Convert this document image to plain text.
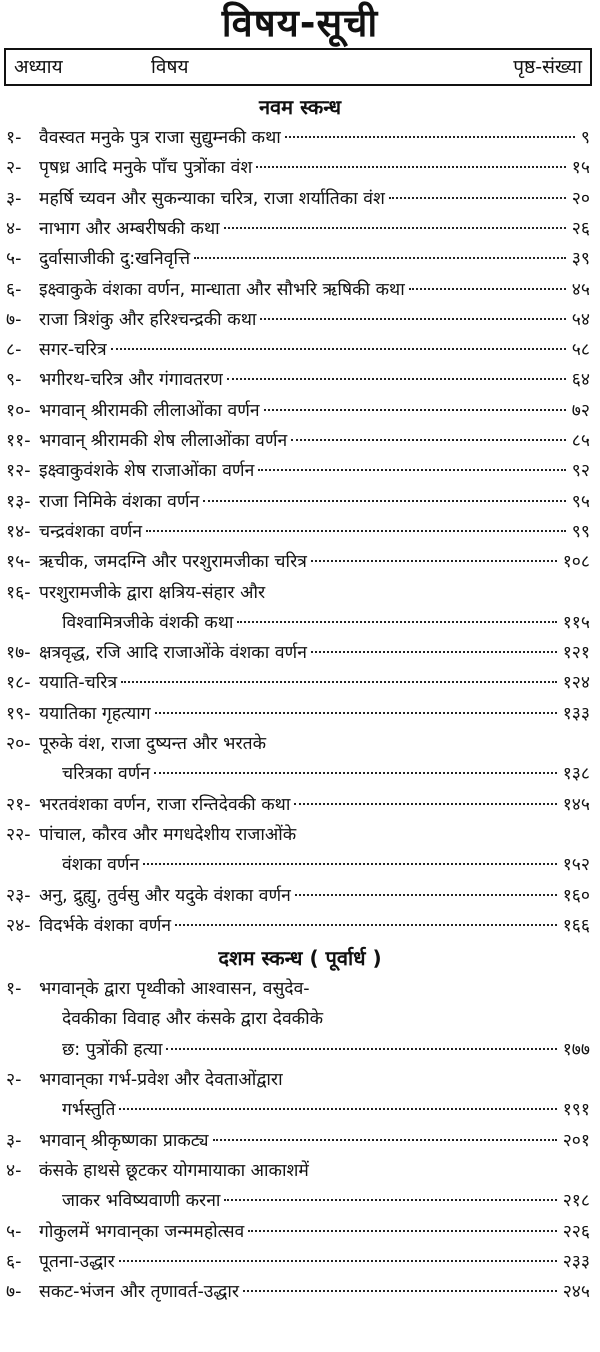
विषय-सूची
अध्याय	विषय	पृष्ठ-संख्या
नवम स्कन्ध
१-	वैवस्वत मनुके पुत्र राजा सुद्युम्नकी कथा	९
२-	पृषध्र आदि मनुके पाँच पुत्रोंका वंश	१५
३-	महर्षि च्यवन और सुकन्याका चरित्र, राजा शर्यातिका वंश	२०
४-	नाभाग और अम्बरीषकी कथा	२६
५-	दुर्वासाजीकी दु:खनिवृत्ति	३९
६-	इक्ष्वाकुके वंशका वर्णन, मान्धाता और सौभरि ऋषिकी कथा	४५
७-	राजा त्रिशंकु और हरिश्चन्द्रकी कथा	५४
८-	सगर-चरित्र	५८
९-	भगीरथ-चरित्र और गंगावतरण	६४
१०- भगवान् श्रीरामकी लीलाओंका वर्णन	७२
११- भगवान् श्रीरामकी शेष लीलाओंका वर्णन	८५
१२- इक्ष्वाकुवंशके शेष राजाओंका वर्णन	९२
१३- राजा निमिके वंशका वर्णन	९५
१४- चन्द्रवंशका वर्णन	९९
१५- ऋचीक, जमदग्नि और परशुरामजीका चरित्र	१०८
१६- परशुरामजीके द्वारा क्षत्रिय-संहार और
विश्वामित्रजीके वंशकी कथा	११५
१७- क्षत्रवृद्ध, रजि आदि राजाओंके वंशका वर्णन	१२१
१८- ययाति-चरित्र	१२४
१९- ययातिका गृहत्याग	१३३
२०- पूरुके वंश, राजा दुष्यन्त और भरतके
चरित्रका वर्णन	१३८
२१- भरतवंशका वर्णन, राजा रन्तिदेवकी कथा	१४५
२२- पांचाल, कौरव और मगधदेशीय राजाओंके
वंशका वर्णन	१५२
२३- अनु, द्रुह्यु, तुर्वसु और यदुके वंशका वर्णन	१६०
२४- विदर्भके वंशका वर्णन	१६६
दशम स्कन्ध ( पूर्वार्ध )
१- भगवान्‌के द्वारा पृथ्वीको आश्वासन, वसुदेव-
देवकीका विवाह और कंसके द्वारा देवकीके
छ: पुत्रोंकी हत्या	१७७
२- भगवान्‌का गर्भ-प्रवेश और देवताओंद्वारा
गर्भस्तुति	१९१
३-	भगवान् श्रीकृष्णका प्राकट्य	२०१
४- कंसके हाथसे छूटकर योगमायाका आकाशमें
जाकर भविष्यवाणी करना	२१८
५-	गोकुलमें भगवान्‌का जन्ममहोत्सव	२२६
६-	पूतना-उद्धार	२३३
७-	सकट-भंजन और तृणावर्त-उद्धार	२४५
